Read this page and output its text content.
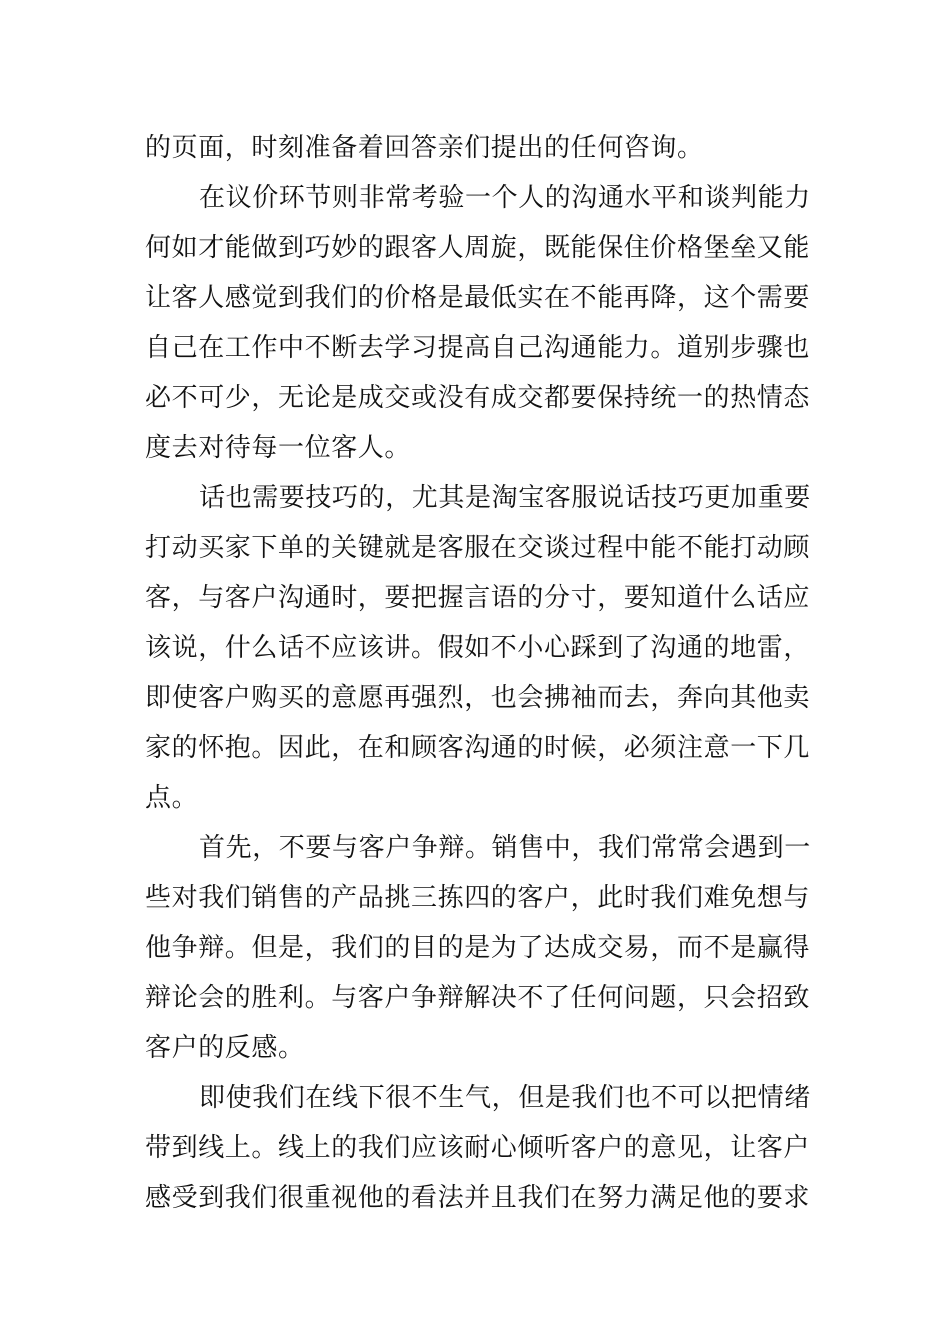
的页面，时刻准备着回答亲们提出的任何咨询。
在议价环节则非常考验一个人的沟通水平和谈判能力
何如才能做到巧妙的跟客人周旋，既能保住价格堡垒又能
让客人感觉到我们的价格是最低实在不能再降，这个需要
自己在工作中不断去学习提高自己沟通能力。道别步骤也
必不可少，无论是成交或没有成交都要保持统一的热情态
度去对待每一位客人。
话也需要技巧的，尤其是淘宝客服说话技巧更加重要
打动买家下单的关键就是客服在交谈过程中能不能打动顾
客，与客户沟通时，要把握言语的分寸，要知道什么话应
该说，什么话不应该讲。假如不小心踩到了沟通的地雷，
即使客户购买的意愿再强烈，也会拂袖而去，奔向其他卖
家的怀抱。因此，在和顾客沟通的时候，必须注意一下几
点。
首先，不要与客户争辩。销售中，我们常常会遇到一
些对我们销售的产品挑三拣四的客户，此时我们难免想与
他争辩。但是，我们的目的是为了达成交易，而不是赢得
辩论会的胜利。与客户争辩解决不了任何问题，只会招致
客户的反感。
即使我们在线下很不生气，但是我们也不可以把情绪
带到线上。线上的我们应该耐心倾听客户的意见，让客户
感受到我们很重视他的看法并且我们在努力满足他的要求
